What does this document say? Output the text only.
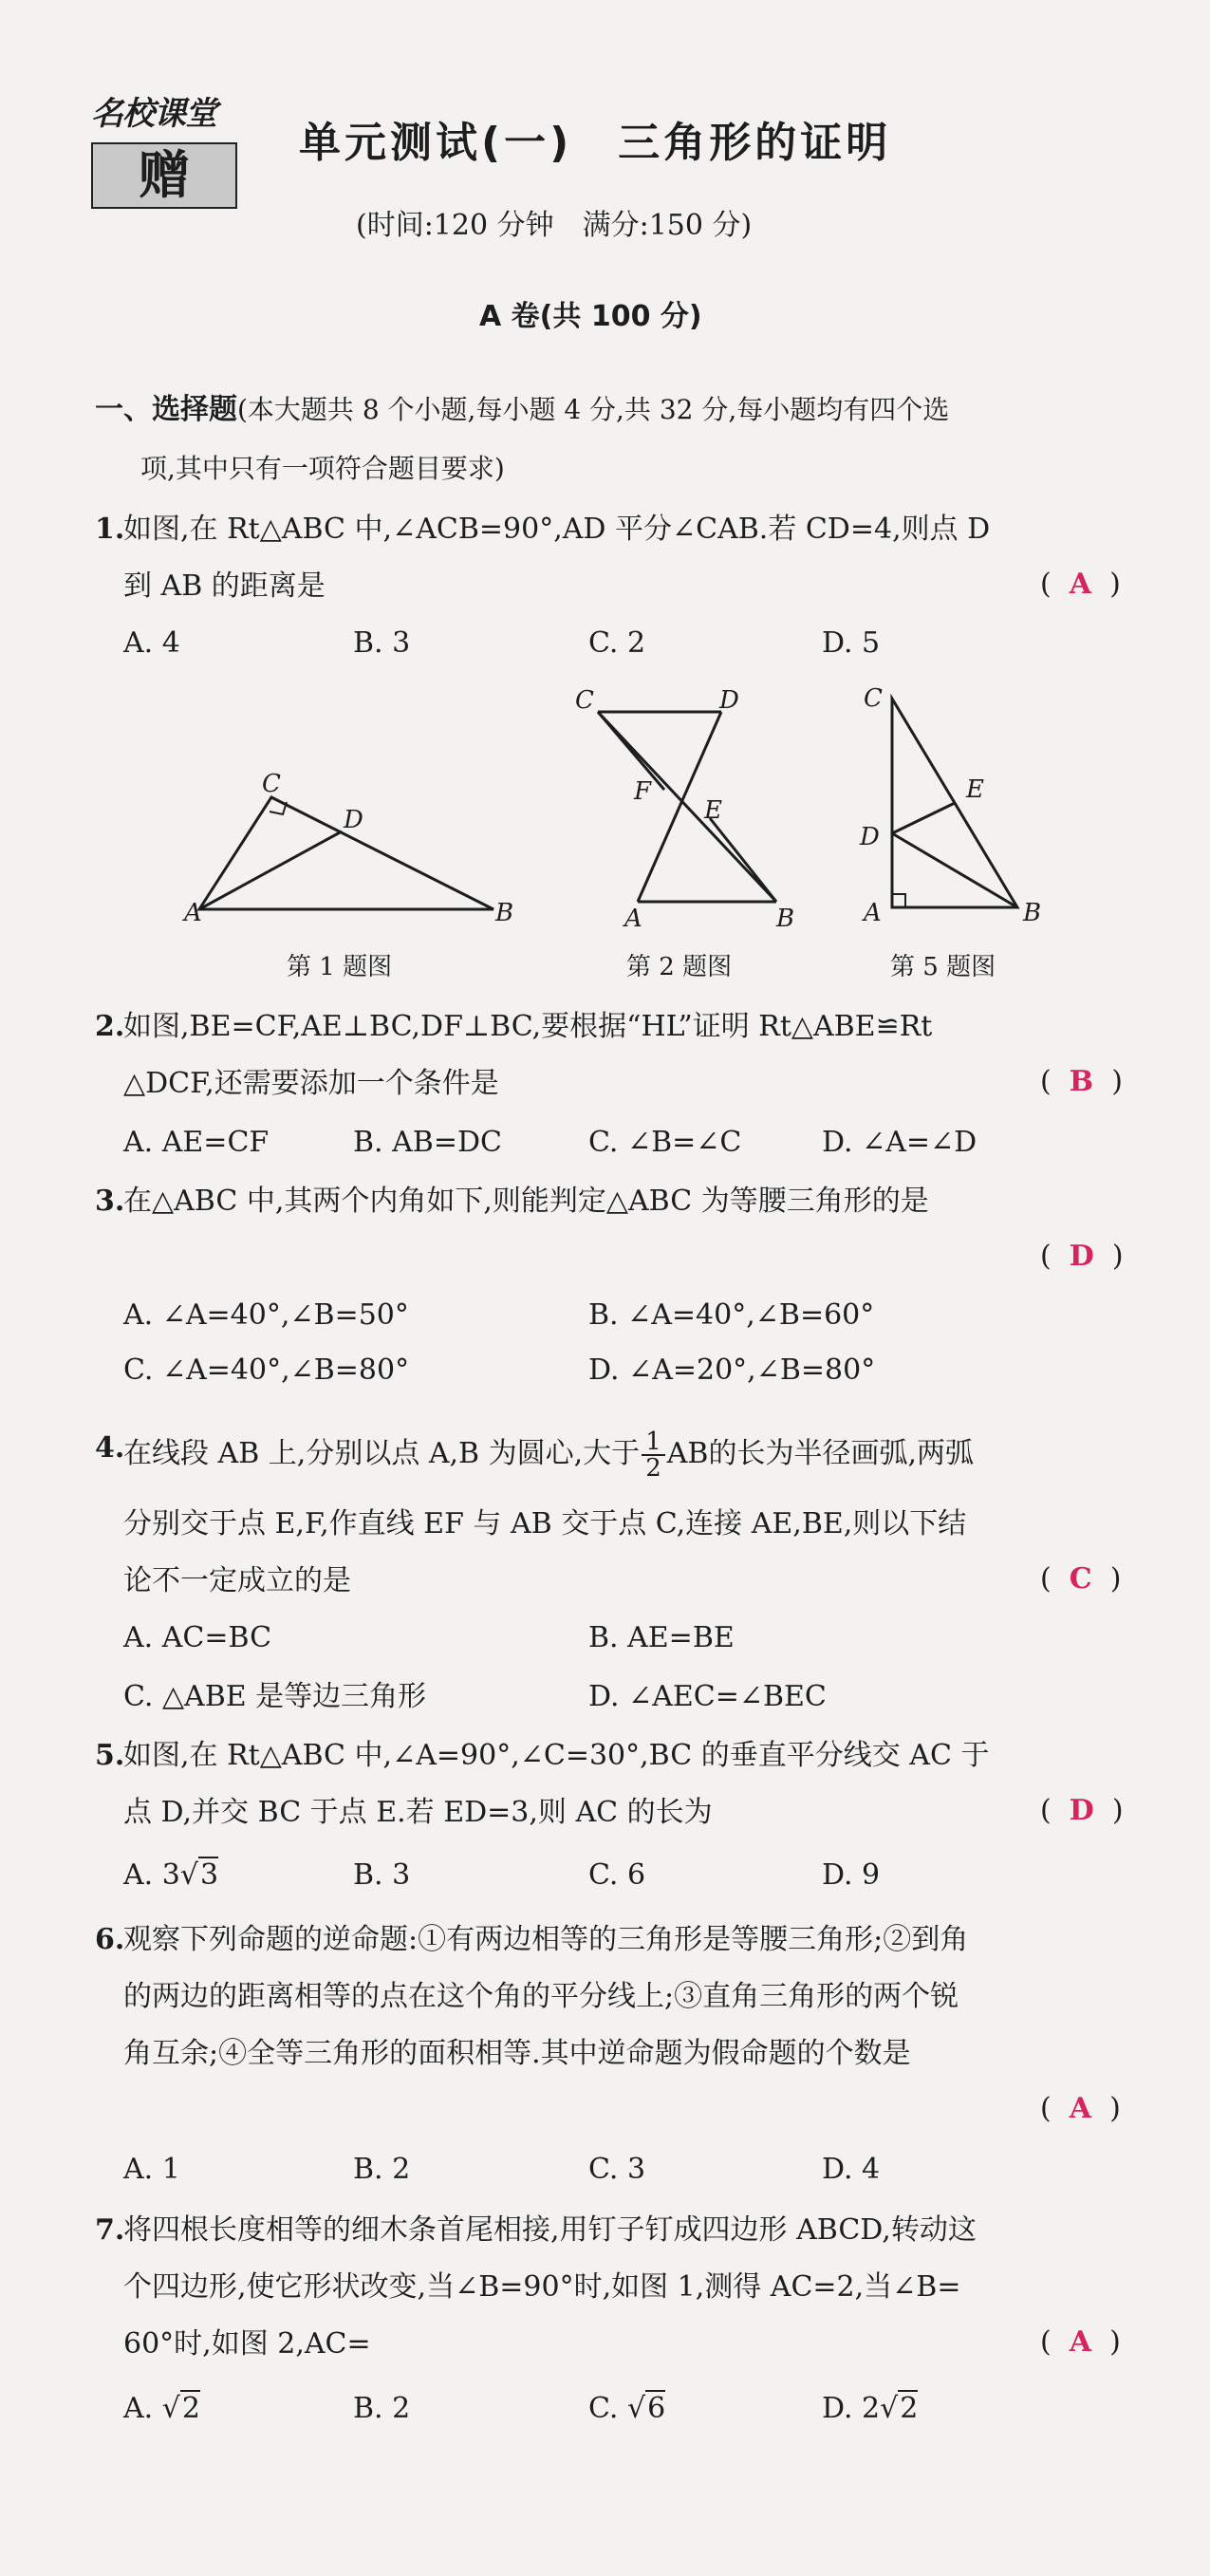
名校课堂
赠
单元测试(一)　三角形的证明
(时间:120 分钟　满分:150 分)
A 卷(共 100 分)
一、选择题(本大题共 8 个小题,每小题 4 分,共 32 分,每小题均有四个选
项,其中只有一项符合题目要求)
1.
如图,在 Rt△ABC 中,∠ACB=90°,AD 平分∠CAB.若 CD=4,则点 D
到 AB 的距离是	(  A  )
A. 4	B. 3	C. 2	D. 5
C
D
A	B
C	D
F
E
A	B
C
E
D
A	B
第 1 题图	第 2 题图	第 5 题图
2.
如图,BE=CF,AE⊥BC,DF⊥BC,要根据“HL”证明 Rt△ABE≌Rt
△DCF,还需要添加一个条件是	(  B  )
A. AE=CF	B. AB=DC	C. ∠B=∠C	D. ∠A=∠D
3.
在△ABC 中,其两个内角如下,则能判定△ABC 为等腰三角形的是
(  D  )
A. ∠A=40°,∠B=50°	B. ∠A=40°,∠B=60°
C. ∠A=40°,∠B=80°	D. ∠A=20°,∠B=80°
4.
在线段 AB 上,分别以点 A,B 为圆心,大于 $\frac{1}{2}$ AB的长为半径画弧,两弧
分别交于点 E,F,作直线 EF 与 AB 交于点 C,连接 AE,BE,则以下结
论不一定成立的是	(  C  )
A. AC=BC	B. AE=BE
C. △ABE 是等边三角形	D. ∠AEC=∠BEC
5.
如图,在 Rt△ABC 中,∠A=90°,∠C=30°,BC 的垂直平分线交 AC 于
点 D,并交 BC 于点 E.若 ED=3,则 AC 的长为	(  D  )
A. 3√3	B. 3	C. 6	D. 9
6.
观察下列命题的逆命题:①有两边相等的三角形是等腰三角形;②到角
的两边的距离相等的点在这个角的平分线上;③直角三角形的两个锐
角互余;④全等三角形的面积相等.其中逆命题为假命题的个数是
(  A  )
A. 1	B. 2	C. 3	D. 4
7.
将四根长度相等的细木条首尾相接,用钉子钉成四边形 ABCD,转动这
个四边形,使它形状改变,当∠B=90°时,如图 1,测得 AC=2,当∠B=
60°时,如图 2,AC=	(  A  )
A. √2	B. 2	C. √6	D. 2√2
